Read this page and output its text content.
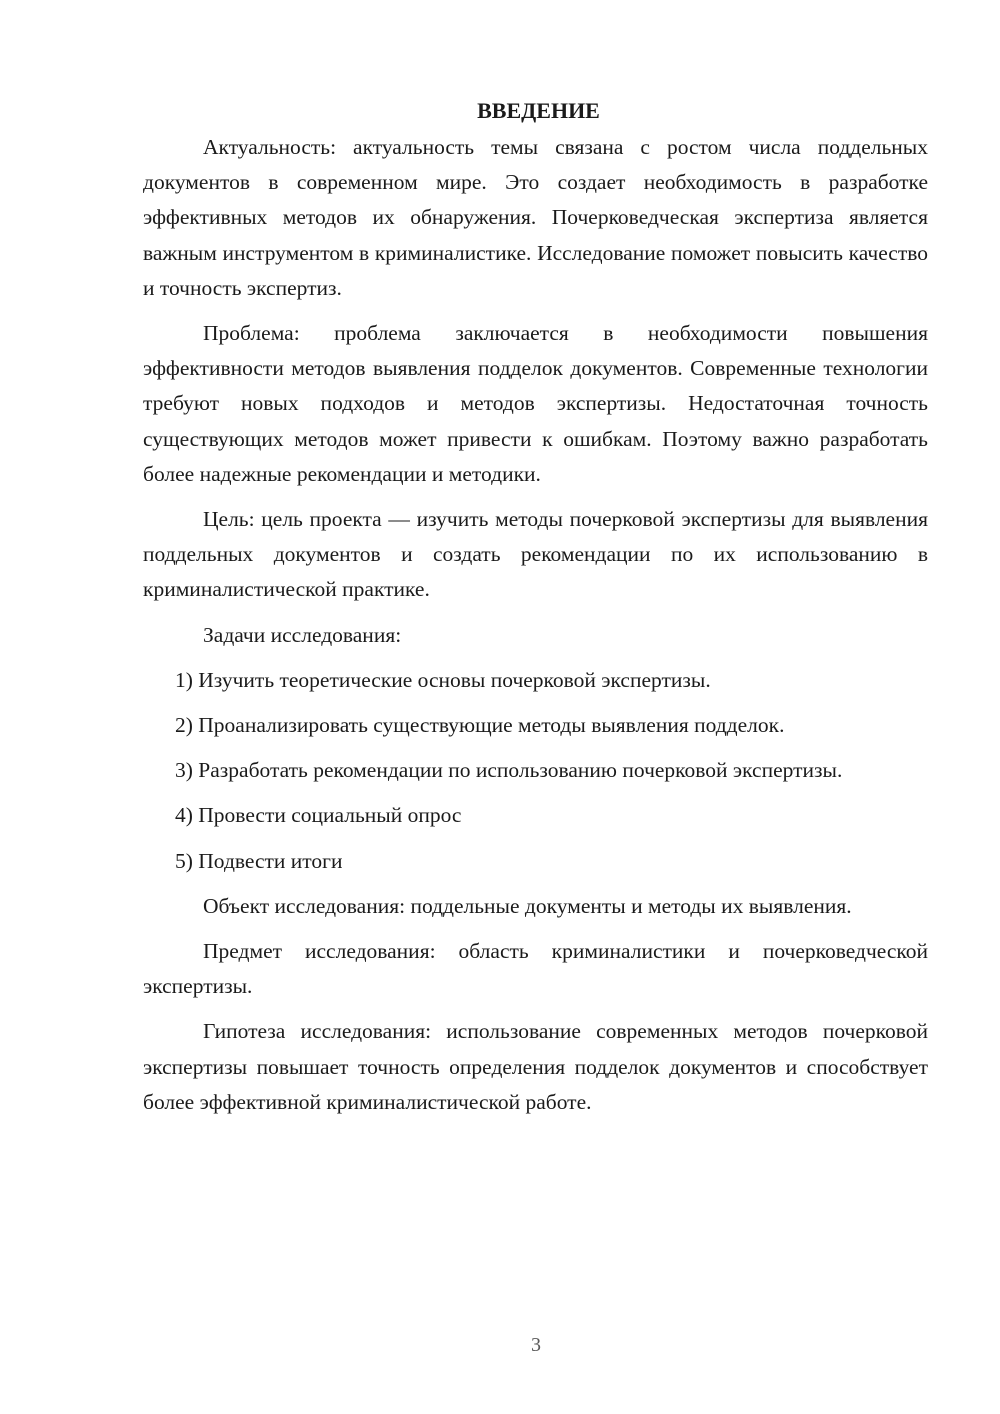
ВВЕДЕНИЕ

Актуальность: актуальность темы связана с ростом числа поддельных документов в современном мире. Это создает необходимость в разработке эффективных методов их обнаружения. Почерковедческая экспертиза является важным инструментом в криминалистике. Исследование поможет повысить качество и точность экспертиз.

Проблема: проблема заключается в необходимости повышения эффективности методов выявления подделок документов. Современные технологии требуют новых подходов и методов экспертизы. Недостаточная точность существующих методов может привести к ошибкам. Поэтому важно разработать более надежные рекомендации и методики.

Цель: цель проекта — изучить методы почерковой экспертизы для выявления поддельных документов и создать рекомендации по их использованию в криминалистической практике.

Задачи исследования:

1) Изучить теоретические основы почерковой экспертизы.

2) Проанализировать существующие методы выявления подделок.

3) Разработать рекомендации по использованию почерковой экспертизы.

4) Провести социальный опрос

5) Подвести итоги

Объект исследования: поддельные документы и методы их выявления.

Предмет исследования: область криминалистики и почерковедческой экспертизы.

Гипотеза исследования: использование современных методов почерковой экспертизы повышает точность определения подделок документов и способствует более эффективной криминалистической работе.

3
